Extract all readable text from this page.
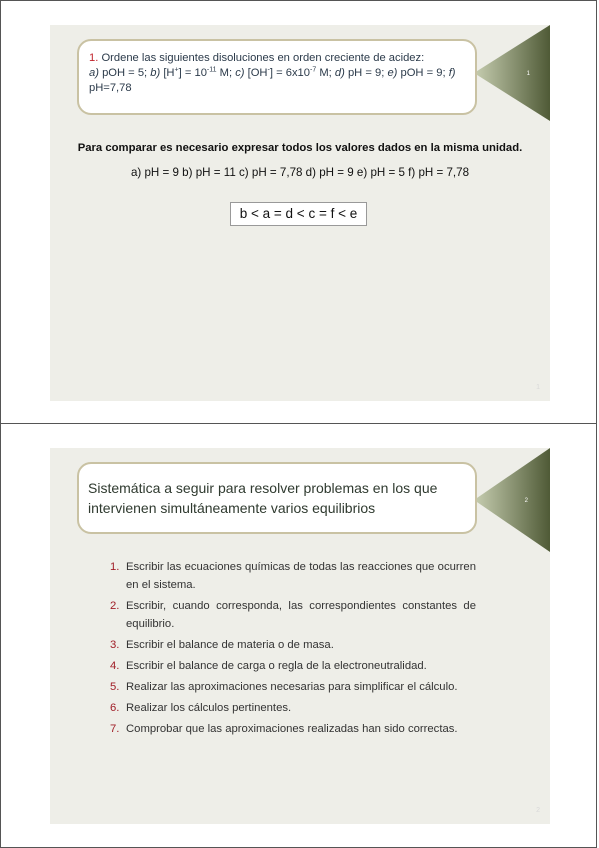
1
1. Ordene las siguientes disoluciones en orden creciente de acidez:
a) pOH = 5; b) $[H^+] = 10^{-11}$ M; c) $[OH^-] = 6x10^{-7}$ M; d) pH = 9; e) pOH = 9; f) pH=7,78
Para comparar es necesario expresar todos los valores dados en la misma unidad.
a) pH = 9 b) pH = 11 c) pH = 7,78 d) pH = 9 e) pH = 5 f) pH = 7,78
b < a = d < c = f < e
1
2
Sistemática a seguir para resolver problemas en los que intervienen simultáneamente varios equilibrios
1. Escribir las ecuaciones químicas de todas las reacciones que ocurren en el sistema.
2. Escribir, cuando corresponda, las correspondientes constantes de equilibrio.
3. Escribir el balance de materia o de masa.
4. Escribir el balance de carga o regla de la electroneutralidad.
5. Realizar las aproximaciones necesarias para simplificar el cálculo.
6. Realizar los cálculos pertinentes.
7. Comprobar que las aproximaciones realizadas han sido correctas.
2
